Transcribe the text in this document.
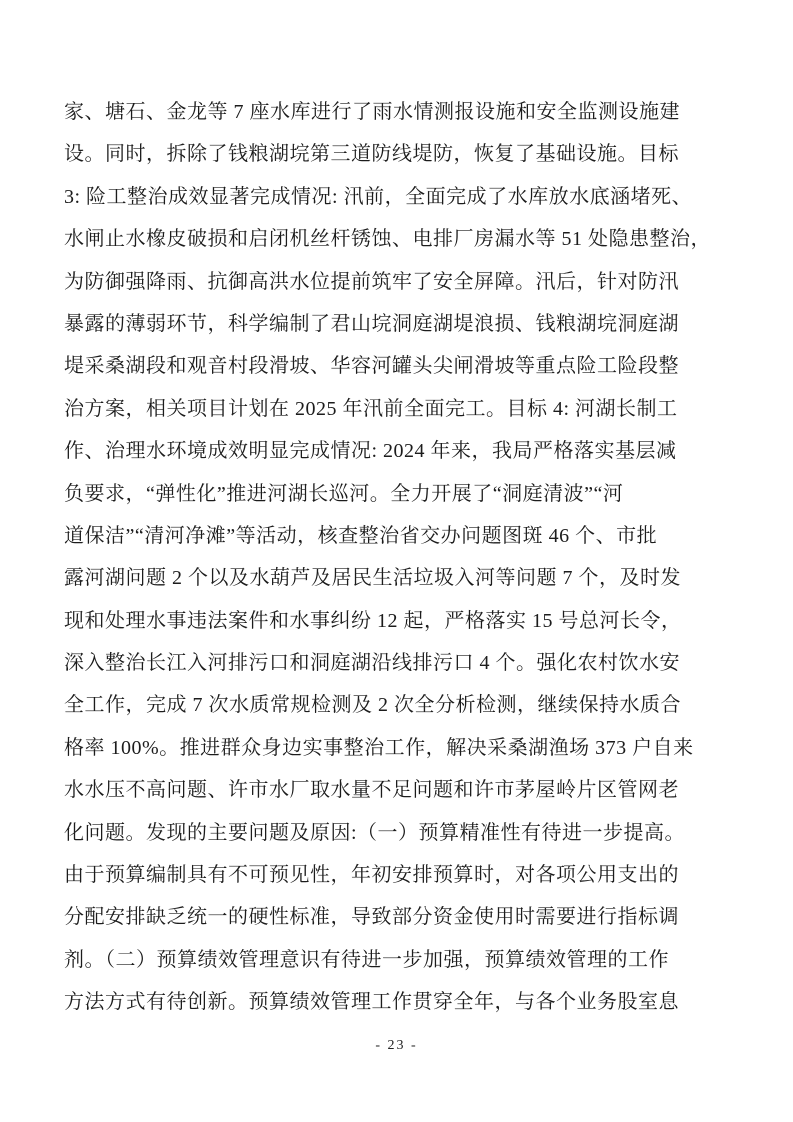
家、塘石、金龙等 7 座水库进行了雨水情测报设施和安全监测设施建
设。同时，拆除了钱粮湖垸第三道防线堤防，恢复了基础设施。目标
3: 险工整治成效显著完成情况: 汛前，全面完成了水库放水底涵堵死、
水闸止水橡皮破损和启闭机丝杆锈蚀、电排厂房漏水等 51 处隐患整治，
为防御强降雨、抗御高洪水位提前筑牢了安全屏障。汛后，针对防汛
暴露的薄弱环节，科学编制了君山垸洞庭湖堤浪损、钱粮湖垸洞庭湖
堤采桑湖段和观音村段滑坡、华容河罐头尖闸滑坡等重点险工险段整
治方案，相关项目计划在 2025 年汛前全面完工。目标 4: 河湖长制工
作、治理水环境成效明显完成情况: 2024 年来，我局严格落实基层减
负要求，“弹性化”推进河湖长巡河。全力开展了“洞庭清波”“河
道保洁”“清河净滩”等活动，核查整治省交办问题图斑 46 个、市批
露河湖问题 2 个以及水葫芦及居民生活垃圾入河等问题 7 个，及时发
现和处理水事违法案件和水事纠纷 12 起，严格落实 15 号总河长令，
深入整治长江入河排污口和洞庭湖沿线排污口 4 个。强化农村饮水安
全工作，完成 7 次水质常规检测及 2 次全分析检测，继续保持水质合
格率 100%。推进群众身边实事整治工作，解决采桑湖渔场 373 户自来
水水压不高问题、许市水厂取水量不足问题和许市茅屋岭片区管网老
化问题。发现的主要问题及原因:（一）预算精准性有待进一步提高。
由于预算编制具有不可预见性，年初安排预算时，对各项公用支出的
分配安排缺乏统一的硬性标准，导致部分资金使用时需要进行指标调
剂。（二）预算绩效管理意识有待进一步加强，预算绩效管理的工作
方法方式有待创新。预算绩效管理工作贯穿全年，与各个业务股室息
- 23 -
